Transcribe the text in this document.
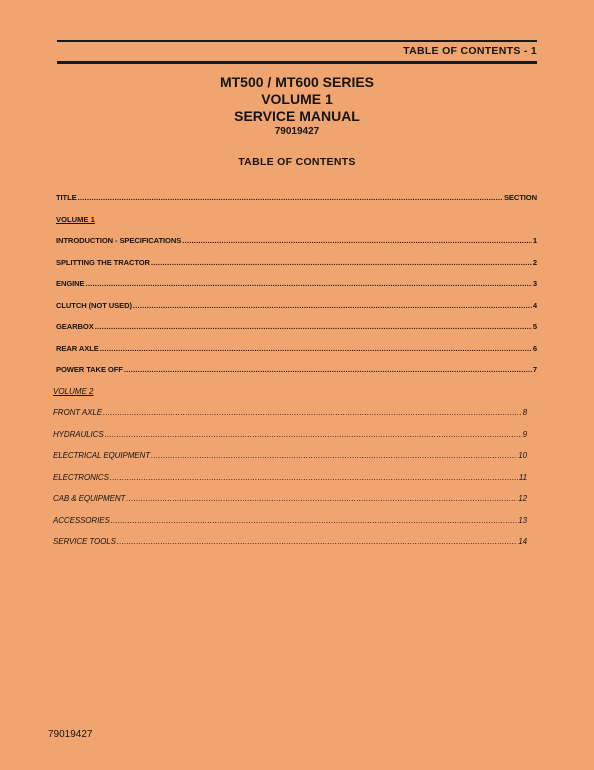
TABLE OF CONTENTS - 1
MT500 / MT600 SERIES
VOLUME 1
SERVICE MANUAL
79019427
TABLE OF CONTENTS
TITLE .....	SECTION
VOLUME 1
INTRODUCTION - SPECIFICATIONS .....	1
SPLITTING THE TRACTOR .....	2
ENGINE .....	3
CLUTCH (NOT USED) .....	4
GEARBOX .....	5
REAR AXLE .....	6
POWER TAKE OFF .....	7
VOLUME 2
FRONT AXLE .....	8
HYDRAULICS .....	9
ELECTRICAL EQUIPMENT .....	10
ELECTRONICS .....	11
CAB & EQUIPMENT .....	12
ACCESSORIES .....	13
SERVICE TOOLS .....	14
79019427
